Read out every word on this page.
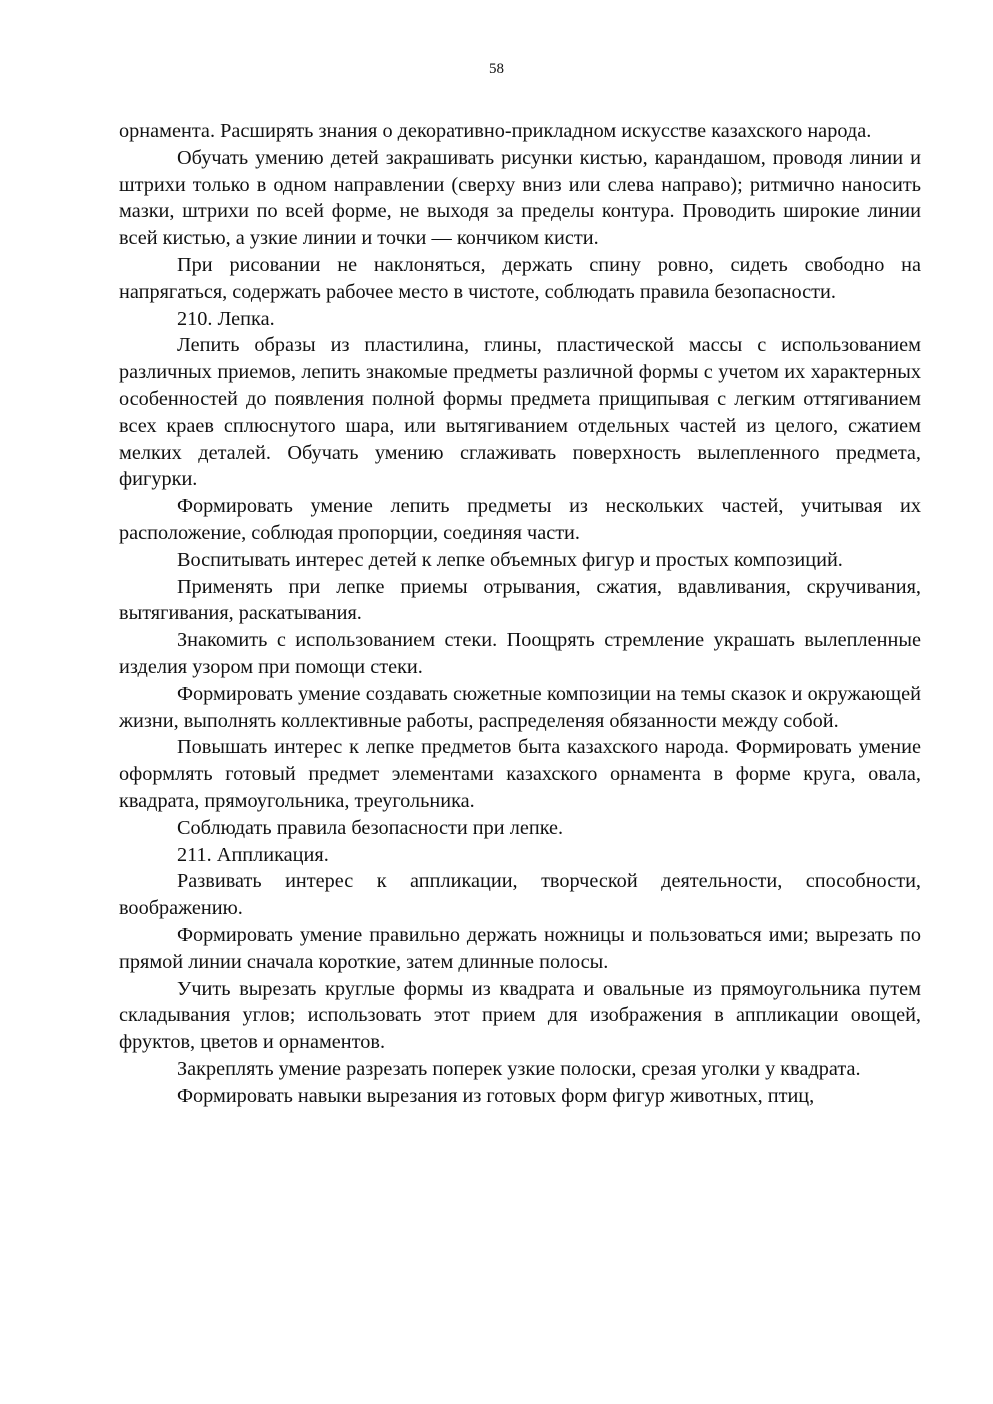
58

орнамента. Расширять знания о декоративно-прикладном искусстве казахского народа.

Обучать умению детей закрашивать рисунки кистью, карандашом, проводя линии и штрихи только в одном направлении (сверху вниз или слева направо); ритмично наносить мазки, штрихи по всей форме, не выходя за пределы контура. Проводить широкие линии всей кистью, а узкие линии и точки — кончиком кисти.

При рисовании не наклоняться, держать спину ровно, сидеть свободно на напрягаться, содержать рабочее место в чистоте, соблюдать правила безопасности.

210. Лепка.

Лепить образы из пластилина, глины, пластической массы с использованием различных приемов, лепить знакомые предметы различной формы с учетом их характерных особенностей до появления полной формы предмета прищипывая с легким оттягиванием всех краев сплюснутого шара, или вытягиванием отдельных частей из целого, сжатием мелких деталей. Обучать умению сглаживать поверхность вылепленного предмета, фигурки.

Формировать умение лепить предметы из нескольких частей, учитывая их расположение, соблюдая пропорции, соединяя части.

Воспитывать интерес детей к лепке объемных фигур и простых композиций.

Применять при лепке приемы отрывания, сжатия, вдавливания, скручивания, вытягивания, раскатывания.

Знакомить с использованием стеки. Поощрять стремление украшать вылепленные изделия узором при помощи стеки.

Формировать умение создавать сюжетные композиции на темы сказок и окружающей жизни, выполнять коллективные работы, распределеняя обязанности между собой.

Повышать интерес к лепке предметов быта казахского народа. Формировать умение оформлять готовый предмет элементами казахского орнамента в форме круга, овала, квадрата, прямоугольника, треугольника.

Соблюдать правила безопасности при лепке.

211. Аппликация.

Развивать интерес к аппликации, творческой деятельности, способности, воображению.

Формировать умение правильно держать ножницы и пользоваться ими; вырезать по прямой линии сначала короткие, затем длинные полосы.

Учить вырезать круглые формы из квадрата и овальные из прямоугольника путем складывания углов; использовать этот прием для изображения в аппликации овощей, фруктов, цветов и орнаментов.

Закреплять умение разрезать поперек узкие полоски, срезая уголки у квадрата.

Формировать навыки вырезания из готовых форм фигур животных, птиц,
